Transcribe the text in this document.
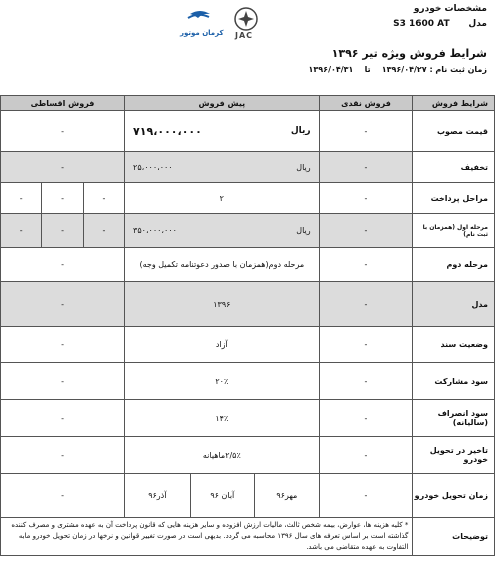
مشخصات خودرو
مدل      S3 1600 AT
کرمان موتور JAC
شرایط فروش ویژه تیر ۱۳۹۶
زمان ثبت نام : ۱۳۹۶/۰۴/۲۷    تا    ۱۳۹۶/۰۴/۳۱
شرایط فروش	فروش نقدی	پیش فروش			فروش اقساطی		
قیمت مصوب	-	۷۱۹،۰۰۰،۰۰۰ ریال			-		
تخفیف	-	۲۵،۰۰۰،۰۰۰ ریال			-		
مراحل پرداخت	-	۲			-	-	-
مرحله اول (همزمان با ثبت نام)	-	۳۵۰،۰۰۰،۰۰۰ ریال			-	-	-
مرحله دوم	-	مرحله دوم(همزمان با صدور دعوتنامه تکمیل وجه)			-		
مدل	-	۱۳۹۶			-		
وضعیت سند	-	آزاد			-		
سود مشارکت	-	۲۰٪			-		
سود انصراف (سالیانه)	-	۱۴٪			-		
تاخیر در تحویل خودرو	-	۲/۵٪ماهیانه			-		
زمان تحویل خودرو	-	مهر۹۶	آبان ۹۶	آذر۹۶	-		
توضیحات	* کلیه هزینه ها، عوارض، بیمه شخص ثالث، مالیات ارزش افزوده و سایر هزینه هایی که قانون پرداخت آن به عهده مشتری و مصرف کننده گذاشته است بر اساس تعرفه های سال ۱۳۹۶ محاسبه می گردد. بدیهی است در صورت تغییر قوانین و نرخها در زمان تحویل خودرو مابه التفاوت به عهده متقاضی می باشد.						
